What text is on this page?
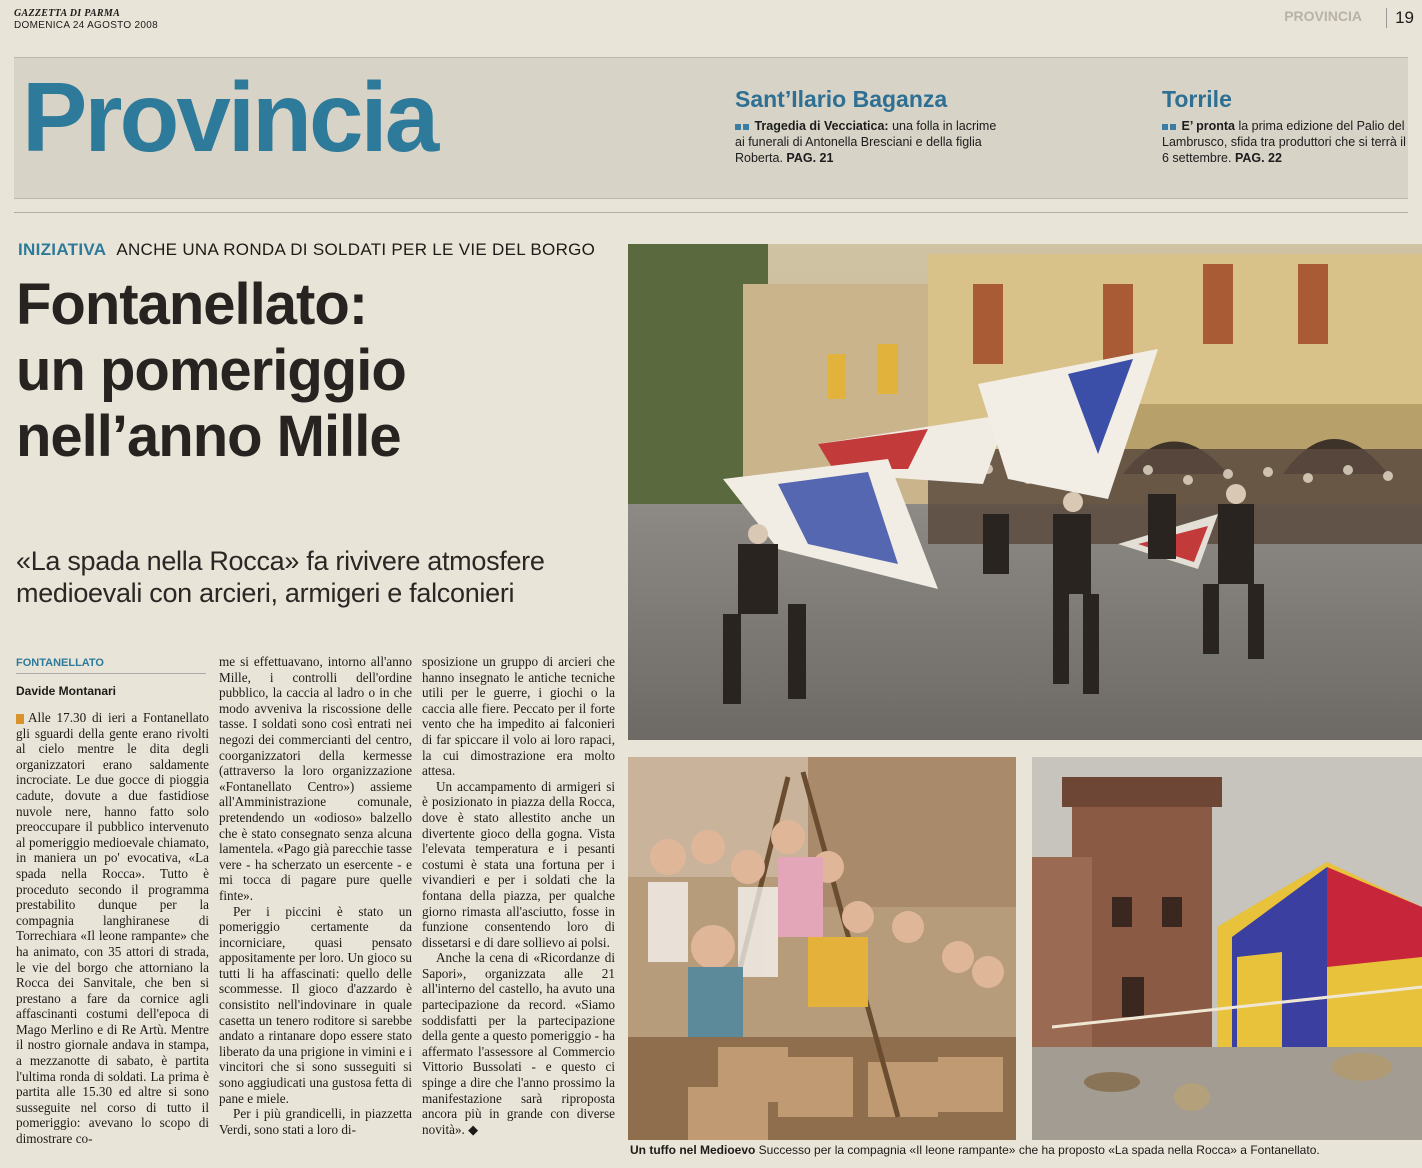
GAZZETTA DI PARMA
DOMENICA 24 AGOSTO 2008
PROVINCIA	19
Provincia	Sant’Ilario Baganza

Tragedia di Vecciatica: una folla in lacrime ai funerali di Antonella Bresciani e della figlia Roberta. PAG. 21

Torrile

E’ pronta la prima edizione del Palio del Lambrusco, sfida tra produttori che si terrà il 6 settembre. PAG. 22

INIZIATIVA ANCHE UNA RONDA DI SOLDATI PER LE VIE DEL BORGO
Fontanellato:
un pomeriggio
nell’anno Mille
«La spada nella Rocca» fa rivivere atmosfere medioevali con arcieri, armigeri e falconieri
FONTANELLATO
Davide Montanari

Alle 17.30 di ieri a Fontanellato gli sguardi della gente erano rivolti al cielo mentre le dita degli organizzatori erano saldamente incrociate. Le due gocce di pioggia cadute, dovute a due fastidiose nuvole nere, hanno fatto solo preoccupare il pubblico intervenuto al pomeriggio medioevale chiamato, in maniera un po' evocativa, «La spada nella Rocca». Tutto è proceduto secondo il programma prestabilito dunque per la compagnia langhiranese di Torrechiara «Il leone rampante» che ha animato, con 35 attori di strada, le vie del borgo che attorniano la Rocca dei Sanvitale, che ben si prestano a fare da cornice agli affascinanti costumi dell'epoca di Mago Merlino e di Re Artù. Mentre il nostro giornale andava in stampa, a mezzanotte di sabato, è partita l'ultima ronda di soldati. La prima è partita alle 15.30 ed altre si sono susseguite nel corso di tutto il pomeriggio: avevano lo scopo di dimostrare co-

me si effettuavano, intorno all'anno Mille, i controlli dell'ordine pubblico, la caccia al ladro o in che modo avveniva la riscossione delle tasse. I soldati sono così entrati nei negozi dei commercianti del centro, coorganizzatori della kermesse (attraverso la loro organizzazione «Fontanellato Centro») assieme all'Amministrazione comunale, pretendendo un «odioso» balzello che è stato consegnato senza alcuna lamentela. «Pago già parecchie tasse vere - ha scherzato un esercente - e mi tocca di pagare pure quelle finte».

Per i piccini è stato un pomeriggio certamente da incorniciare, quasi pensato appositamente per loro. Un gioco su tutti li ha affascinati: quello delle scommesse. Il gioco d'azzardo è consistito nell'indovinare in quale casetta un tenero roditore si sarebbe andato a rintanare dopo essere stato liberato da una prigione in vimini e i vincitori che si sono susseguiti si sono aggiudicati una gustosa fetta di pane e miele.

Per i più grandicelli, in piazzetta Verdi, sono stati a loro di-

sposizione un gruppo di arcieri che hanno insegnato le antiche tecniche utili per le guerre, i giochi o la caccia alle fiere. Peccato per il forte vento che ha impedito ai falconieri di far spiccare il volo ai loro rapaci, la cui dimostrazione era molto attesa.

Un accampamento di armigeri si è posizionato in piazza della Rocca, dove è stato allestito anche un divertente gioco della gogna. Vista l'elevata temperatura e i pesanti costumi è stata una fortuna per i vivandieri e per i soldati che la fontana della piazza, per qualche giorno rimasta all'asciutto, fosse in funzione consentendo loro di dissetarsi e di dare sollievo ai polsi.

Anche la cena di «Ricordanze di Sapori», organizzata alle 21 all'interno del castello, ha avuto una partecipazione da record. «Siamo soddisfatti per la partecipazione della gente a questo pomeriggio - ha affermato l'assessore al Commercio Vittorio Bussolati - e questo ci spinge a dire che l'anno prossimo la manifestazione sarà riproposta ancora più in grande con diverse novità». ◆

Un tuffo nel Medioevo Successo per la compagnia «Il leone rampante» che ha proposto «La spada nella Rocca» a Fontanellato.
